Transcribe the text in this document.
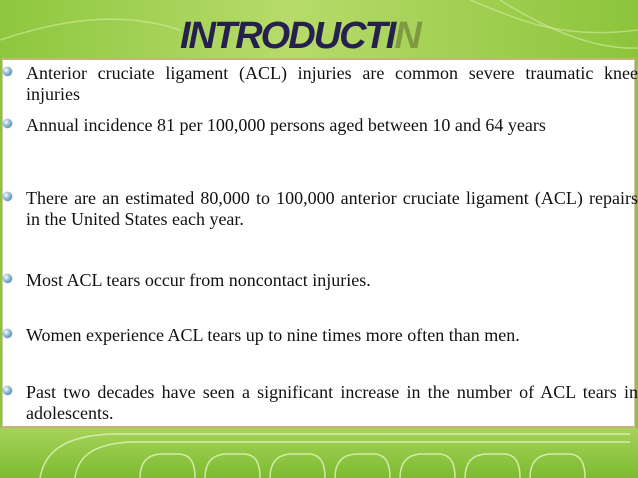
INTRODUCTIN
Anterior cruciate ligament (ACL) injuries are common severe traumatic knee injuries
Annual incidence 81 per 100,000 persons aged between 10 and 64 years
There are an estimated 80,000 to 100,000 anterior cruciate ligament (ACL) repairs in the United States each year.
Most ACL tears occur from noncontact injuries.
Women experience ACL tears up to nine times more often than men.
Past two decades have seen a significant increase in the number of ACL tears in adolescents.
